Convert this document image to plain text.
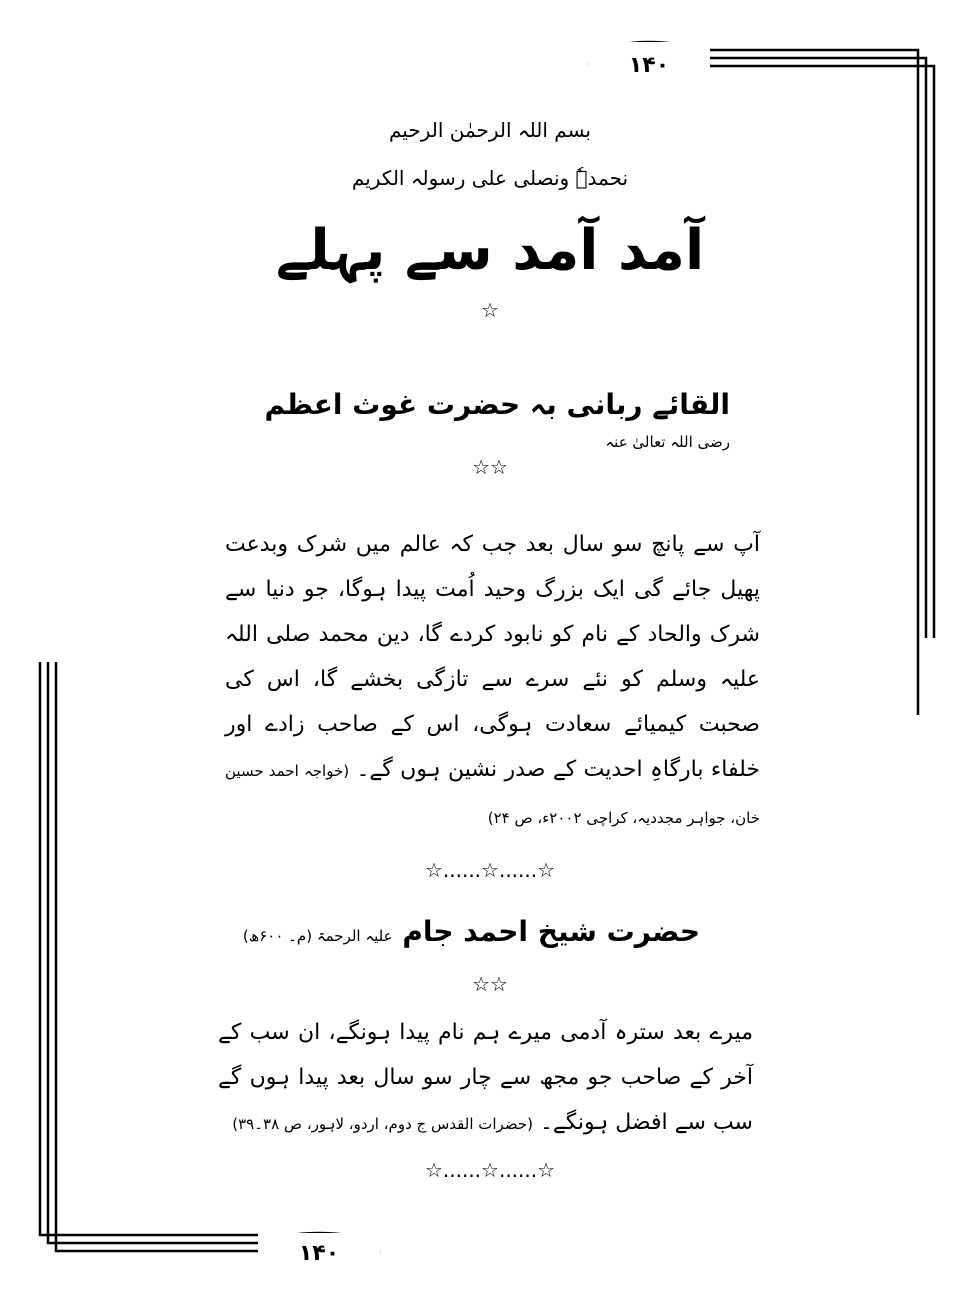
١۴٠
١۴٠
بسم اللہ الرحمٰن الرحیم
نحمدہٗ ونصلی علی رسولہ الکریم
آمد آمد سے پہلے
☆
القائے ربانی بہ حضرت غوث اعظم رضی اللہ تعالیٰ عنہ
☆☆
آپ سے پانچ سو سال بعد جب کہ عالم میں شرک وبدعت پھیل جائے گی ایک بزرگ وحید اُمت پیدا ہوگا، جو دنیا سے شرک والحاد کے نام کو نابود کردے گا، دین محمد صلی اللہ علیہ وسلم کو نئے سرے سے تازگی بخشے گا، اس کی صحبت کیمیائے سعادت ہوگی، اس کے صاحب زادے اور خلفاء بارگاہِ احدیت کے صدر نشین ہوں گے۔ (خواجہ احمد حسین خان، جواہر مجددیہ، کراچی ۲۰۰۲ء، ص ۲۴)
☆......☆......☆
حضرت شیخ احمد جام علیہ الرحمۃ (م۔ ۶۰۰ھ)
☆☆
میرے بعد سترہ آدمی میرے ہم نام پیدا ہونگے، ان سب کے آخر کے صاحب جو مجھ سے چار سو سال بعد پیدا ہوں گے سب سے افضل ہونگے۔ (حضرات القدس ج دوم، اردو، لاہور، ص ۳۸۔۳۹)
☆......☆......☆
